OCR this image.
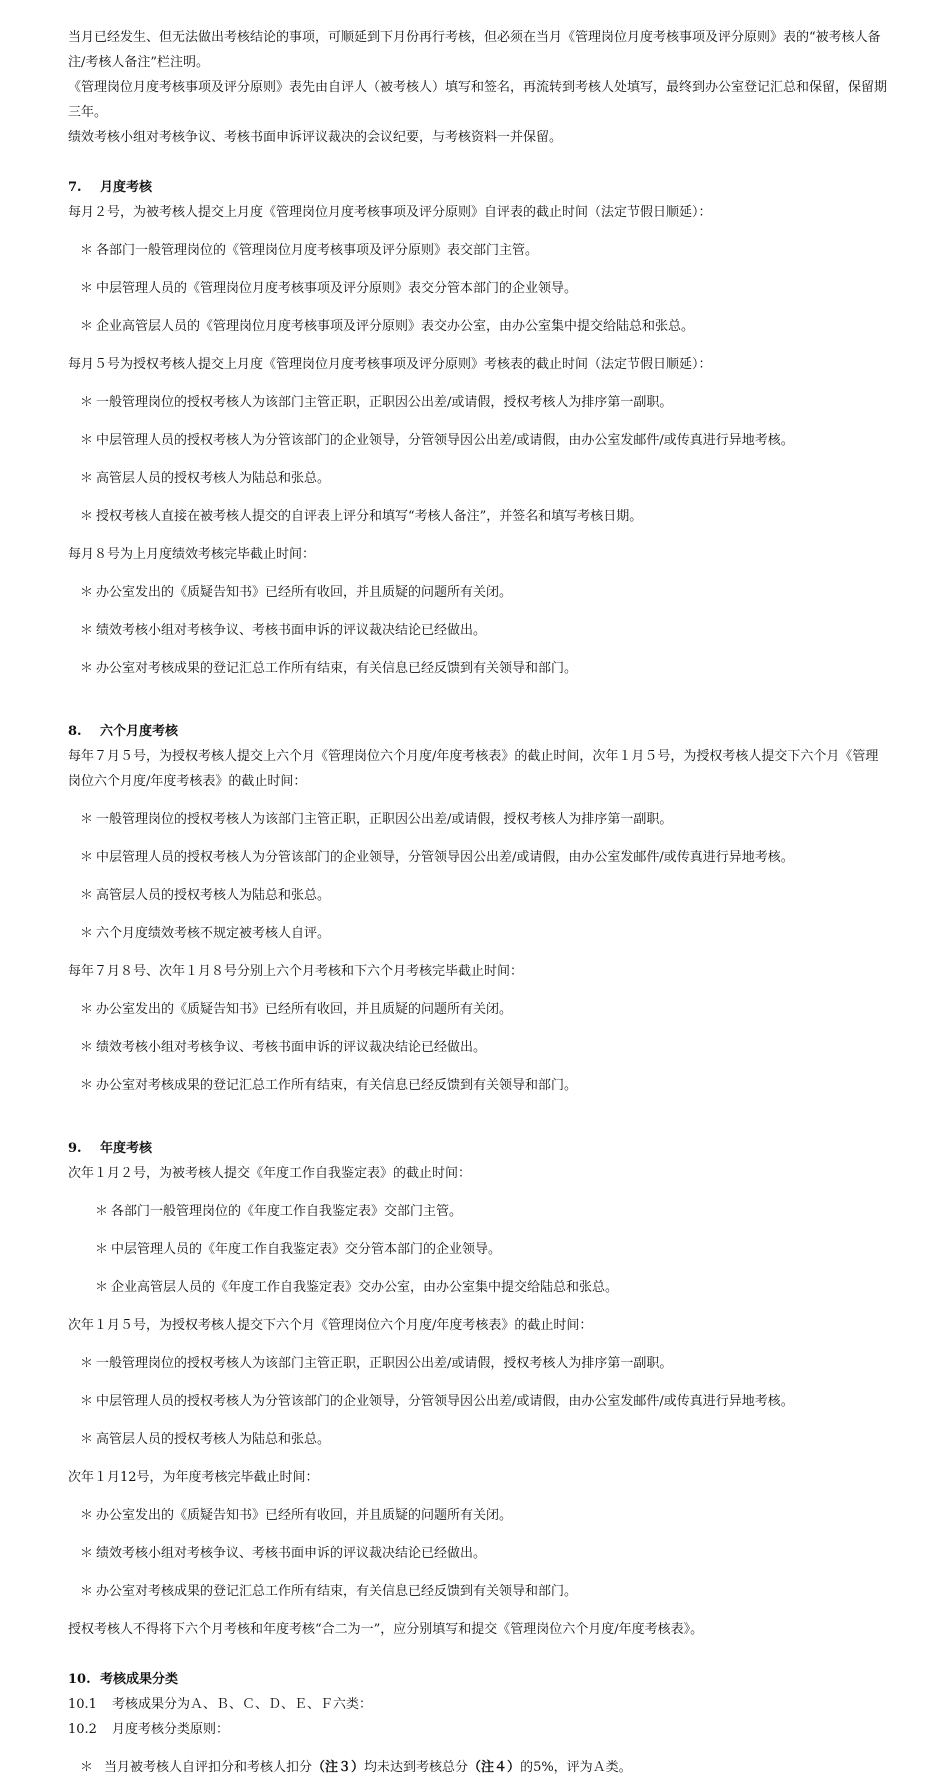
当月已经发生、但无法做出考核结论的事项，可顺延到下月份再行考核，但必须在当月《管理岗位月度考核事项及评分原则》表的“被考核人备注/考核人备注”栏注明。

《管理岗位月度考核事项及评分原则》表先由自评人（被考核人）填写和签名，再流转到考核人处填写，最终到办公室登记汇总和保留，保留期三年。

绩效考核小组对考核争议、考核书面申诉评议裁决的会议纪要，与考核资料一并保留。

7. 月度考核

每月２号，为被考核人提交上月度《管理岗位月度考核事项及评分原则》自评表的截止时间（法定节假日顺延）：

＊ 各部门一般管理岗位的《管理岗位月度考核事项及评分原则》表交部门主管。

＊ 中层管理人员的《管理岗位月度考核事项及评分原则》表交分管本部门的企业领导。

＊ 企业高管层人员的《管理岗位月度考核事项及评分原则》表交办公室，由办公室集中提交给陆总和张总。

每月５号为授权考核人提交上月度《管理岗位月度考核事项及评分原则》考核表的截止时间（法定节假日顺延）：

＊ 一般管理岗位的授权考核人为该部门主管正职，正职因公出差/或请假，授权考核人为排序第一副职。

＊ 中层管理人员的授权考核人为分管该部门的企业领导，分管领导因公出差/或请假，由办公室发邮件/或传真进行异地考核。

＊ 高管层人员的授权考核人为陆总和张总。

＊ 授权考核人直接在被考核人提交的自评表上评分和填写“考核人备注”，并签名和填写考核日期。

每月８号为上月度绩效考核完毕截止时间：

＊ 办公室发出的《质疑告知书》已经所有收回，并且质疑的问题所有关闭。

＊ 绩效考核小组对考核争议、考核书面申诉的评议裁决结论已经做出。

＊ 办公室对考核成果的登记汇总工作所有结束，有关信息已经反馈到有关领导和部门。

8. 六个月度考核

每年７月５号，为授权考核人提交上六个月《管理岗位六个月度/年度考核表》的截止时间，次年１月５号，为授权考核人提交下六个月《管理岗位六个月度/年度考核表》的截止时间：

＊ 一般管理岗位的授权考核人为该部门主管正职，正职因公出差/或请假，授权考核人为排序第一副职。

＊ 中层管理人员的授权考核人为分管该部门的企业领导，分管领导因公出差/或请假，由办公室发邮件/或传真进行异地考核。

＊ 高管层人员的授权考核人为陆总和张总。

＊ 六个月度绩效考核不规定被考核人自评。

每年７月８号、次年１月８号分别上六个月考核和下六个月考核完毕截止时间：

＊ 办公室发出的《质疑告知书》已经所有收回，并且质疑的问题所有关闭。

＊ 绩效考核小组对考核争议、考核书面申诉的评议裁决结论已经做出。

＊ 办公室对考核成果的登记汇总工作所有结束，有关信息已经反馈到有关领导和部门。

9. 年度考核

次年１月２号，为被考核人提交《年度工作自我鉴定表》的截止时间：

＊ 各部门一般管理岗位的《年度工作自我鉴定表》交部门主管。

＊ 中层管理人员的《年度工作自我鉴定表》交分管本部门的企业领导。

＊ 企业高管层人员的《年度工作自我鉴定表》交办公室，由办公室集中提交给陆总和张总。

次年１月５号，为授权考核人提交下六个月《管理岗位六个月度/年度考核表》的截止时间：

＊ 一般管理岗位的授权考核人为该部门主管正职，正职因公出差/或请假，授权考核人为排序第一副职。

＊ 中层管理人员的授权考核人为分管该部门的企业领导，分管领导因公出差/或请假，由办公室发邮件/或传真进行异地考核。

＊ 高管层人员的授权考核人为陆总和张总。

次年１月12号，为年度考核完毕截止时间：

＊ 办公室发出的《质疑告知书》已经所有收回，并且质疑的问题所有关闭。

＊ 绩效考核小组对考核争议、考核书面申诉的评议裁决结论已经做出。

＊ 办公室对考核成果的登记汇总工作所有结束，有关信息已经反馈到有关领导和部门。

授权考核人不得将下六个月考核和年度考核“合二为一”，应分别填写和提交《管理岗位六个月度/年度考核表》。

10. 考核成果分类

10.1 考核成果分为Ａ、Ｂ、Ｃ、Ｄ、Ｅ、Ｆ六类：

10.2 月度考核分类原则：

＊ 当月被考核人自评扣分和考核人扣分（注３）均未达到考核总分（注４）的5%，评为Ａ类。
